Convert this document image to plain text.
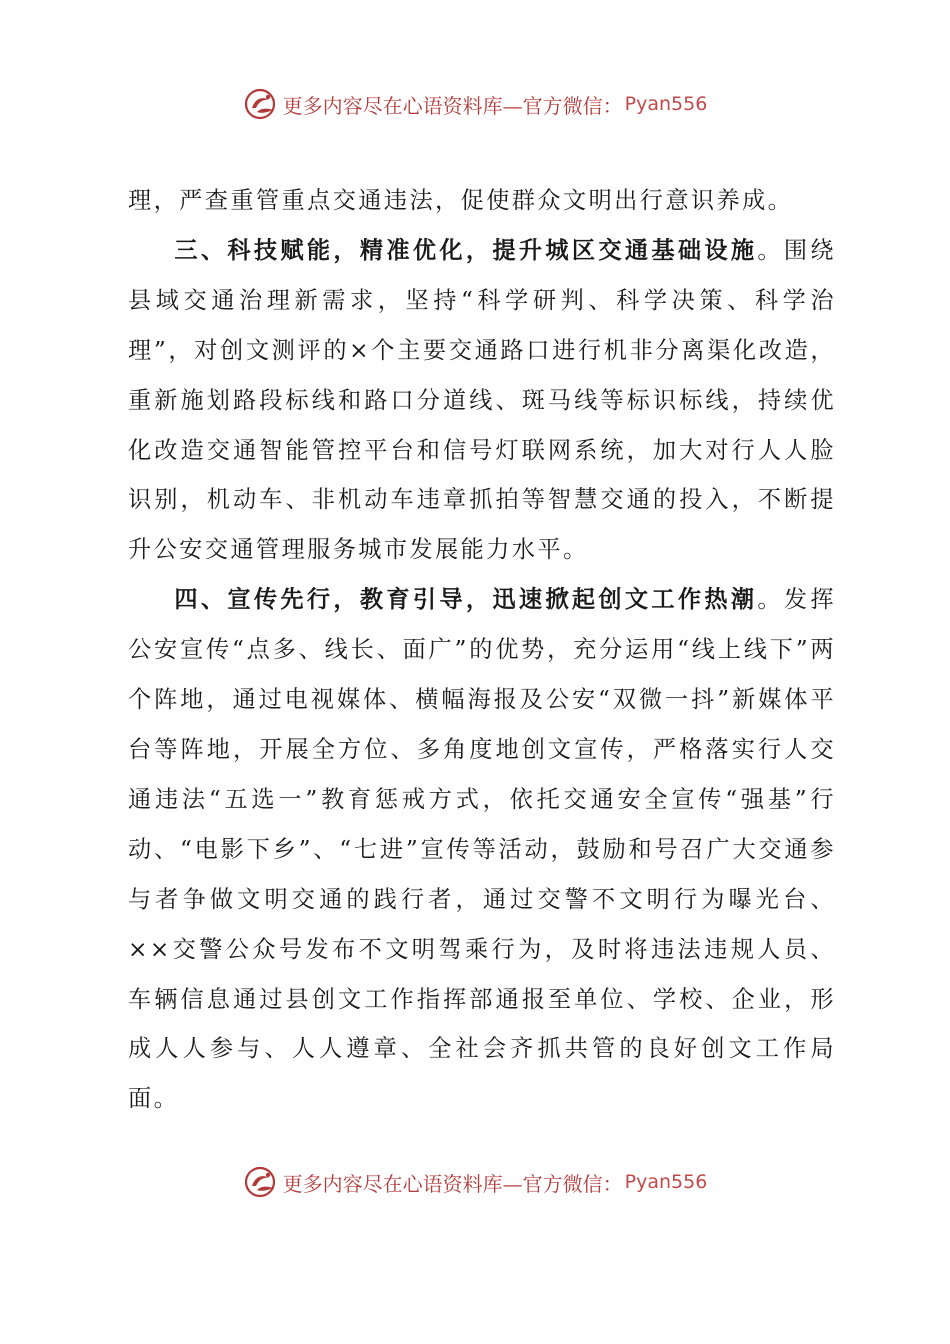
更多内容尽在心语资料库—官方微信： Pyan556

理，严查重管重点交通违法，促使群众文明出行意识养成。

三、科技赋能，精准优化，提升城区交通基础设施。围绕县域交通治理新需求，坚持“科学研判、科学决策、科学治理”，对创文测评的×个主要交通路口进行机非分离渠化改造，重新施划路段标线和路口分道线、斑马线等标识标线，持续优化改造交通智能管控平台和信号灯联网系统，加大对行人人脸识别，机动车、非机动车违章抓拍等智慧交通的投入，不断提升公安交通管理服务城市发展能力水平。

四、宣传先行，教育引导，迅速掀起创文工作热潮。发挥公安宣传“点多、线长、面广”的优势，充分运用“线上线下”两个阵地，通过电视媒体、横幅海报及公安“双微一抖”新媒体平台等阵地，开展全方位、多角度地创文宣传，严格落实行人交通违法“五选一”教育惩戒方式，依托交通安全宣传“强基”行动、“电影下乡”、“七进”宣传等活动，鼓励和号召广大交通参与者争做文明交通的践行者，通过交警不文明行为曝光台、××交警公众号发布不文明驾乘行为，及时将违法违规人员、车辆信息通过县创文工作指挥部通报至单位、学校、企业，形成人人参与、人人遵章、全社会齐抓共管的良好创文工作局面。

更多内容尽在心语资料库—官方微信： Pyan556
